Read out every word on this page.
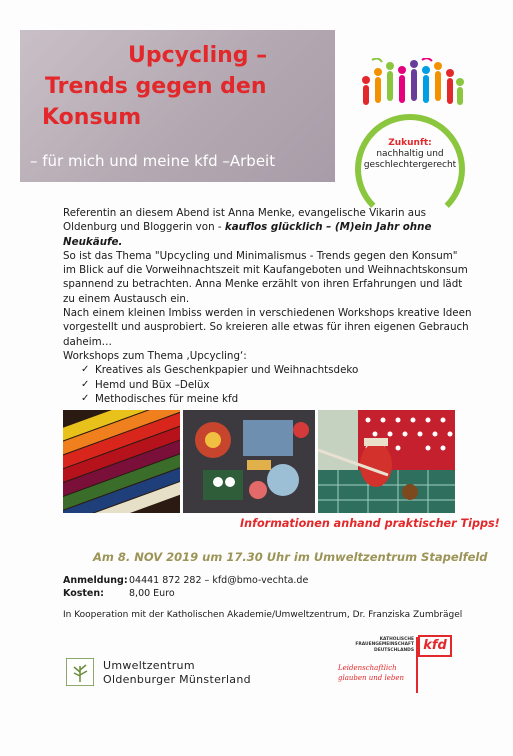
Upcycling –
Trends gegen den
Konsum
– für mich und meine kfd –Arbeit
Zukunft:
nachhaltig und
geschlechtergerecht

Referentin an diesem Abend ist Anna Menke, evangelische Vikarin aus
Oldenburg und Bloggerin von - kauflos glücklich – (M)ein Jahr ohne Neukäufe.
So ist das Thema "Upcycling und Minimalismus - Trends gegen den Konsum" im Blick auf die Vorweihnachtszeit mit Kaufangeboten und Weihnachtskonsum spannend zu betrachten. Anna Menke erzählt von ihren Erfahrungen und lädt zu einem Austausch ein.

Nach einem kleinen Imbiss werden in verschiedenen Workshops kreative Ideen vorgestellt und ausprobiert. So kreieren alle etwas für ihren eigenen Gebrauch daheim…

Workshops zum Thema ‚Upcycling‘:

✓ Kreatives als Geschenkpapier und Weihnachtsdeko
✓ Hemd und Büx –Delüx
✓ Methodisches für meine kfd
Informationen anhand praktischer Tipps!
Am 8. NOV 2019 um 17.30 Uhr im Umweltzentrum Stapelfeld
Anmeldung: 04441 872 282 – kfd@bmo-vechta.de
Kosten:	8,00 Euro
In Kooperation mit der Katholischen Akademie/Umweltzentrum, Dr. Franziska Zumbrägel
Umweltzentrum
Oldenburger Münsterland
KATHOLISCHE
FRAUENGEMEINSCHAFT
DEUTSCHLANDS kfd
Leidenschaftlich
glauben und leben
